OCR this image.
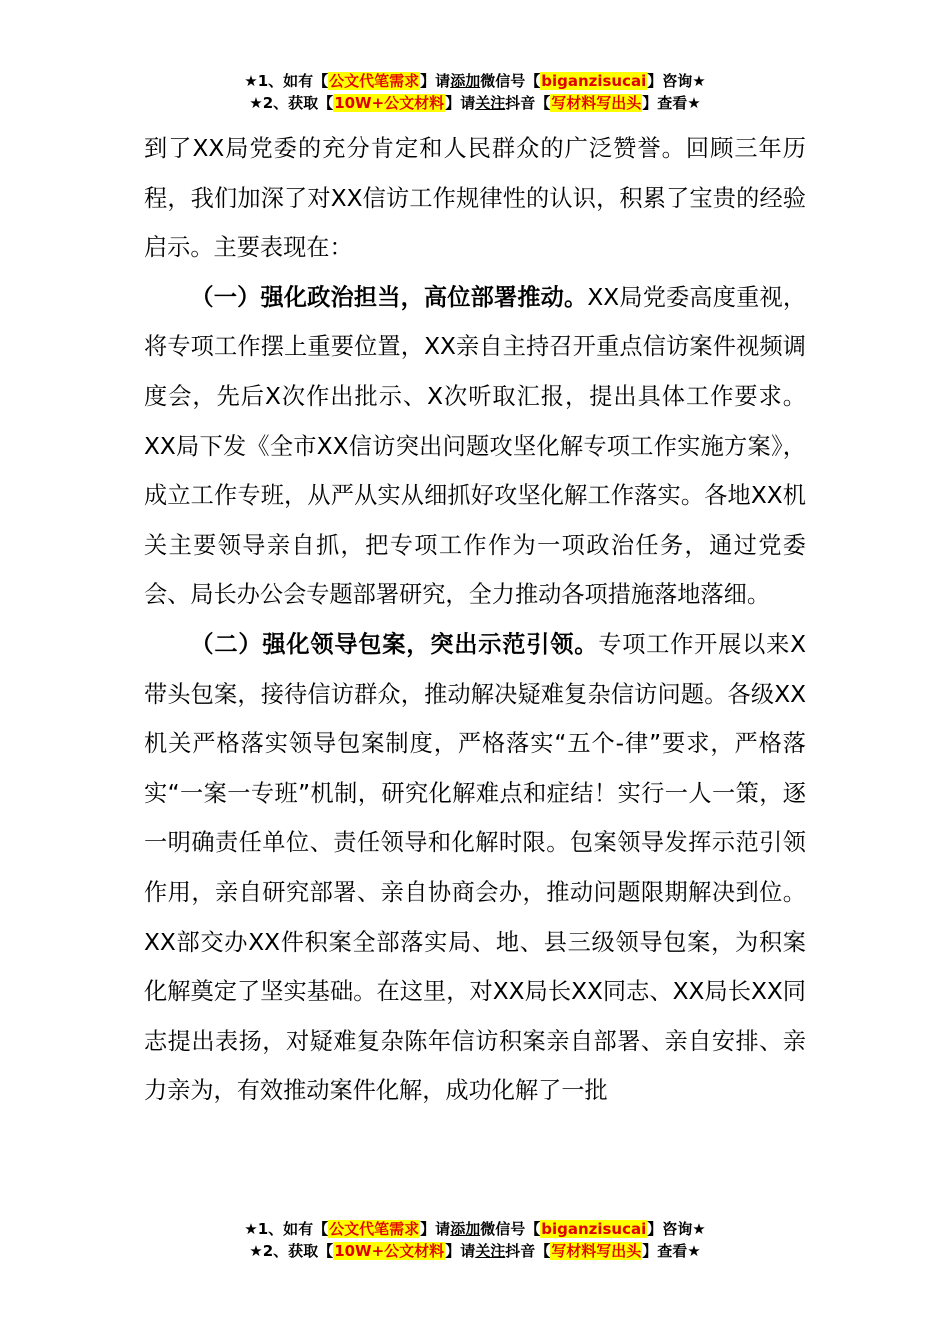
★1、如有【公文代笔需求】请添加微信号【biganzisucai】咨询★
★2、获取【10W+公文材料】请关注抖音【写材料写出头】查看★

到了XX局党委的充分肯定和人民群众的广泛赞誉。回顾三年历程，我们加深了对XX信访工作规律性的认识，积累了宝贵的经验启示。主要表现在：

（一）强化政治担当，高位部署推动。XX局党委高度重视，将专项工作摆上重要位置，XX亲自主持召开重点信访案件视频调度会，先后X次作出批示、X次听取汇报，提出具体工作要求。XX局下发《全市XX信访突出问题攻坚化解专项工作实施方案》，成立工作专班，从严从实从细抓好攻坚化解工作落实。各地XX机关主要领导亲自抓，把专项工作作为一项政治任务，通过党委会、局长办公会专题部署研究，全力推动各项措施落地落细。

（二）强化领导包案，突出示范引领。专项工作开展以来X带头包案，接待信访群众，推动解决疑难复杂信访问题。各级XX机关严格落实领导包案制度，严格落实“五个-律”要求，严格落实“一案一专班”机制，研究化解难点和症结！实行一人一策，逐一明确责任单位、责任领导和化解时限。包案领导发挥示范引领作用，亲自研究部署、亲自协商会办，推动问题限期解决到位。XX部交办XX件积案全部落实局、地、县三级领导包案，为积案化解奠定了坚实基础。在这里，对XX局长XX同志、XX局长XX同志提出表扬，对疑难复杂陈年信访积案亲自部署、亲自安排、亲力亲为，有效推动案件化解，成功化解了一批

★1、如有【公文代笔需求】请添加微信号【biganzisucai】咨询★
★2、获取【10W+公文材料】请关注抖音【写材料写出头】查看★
